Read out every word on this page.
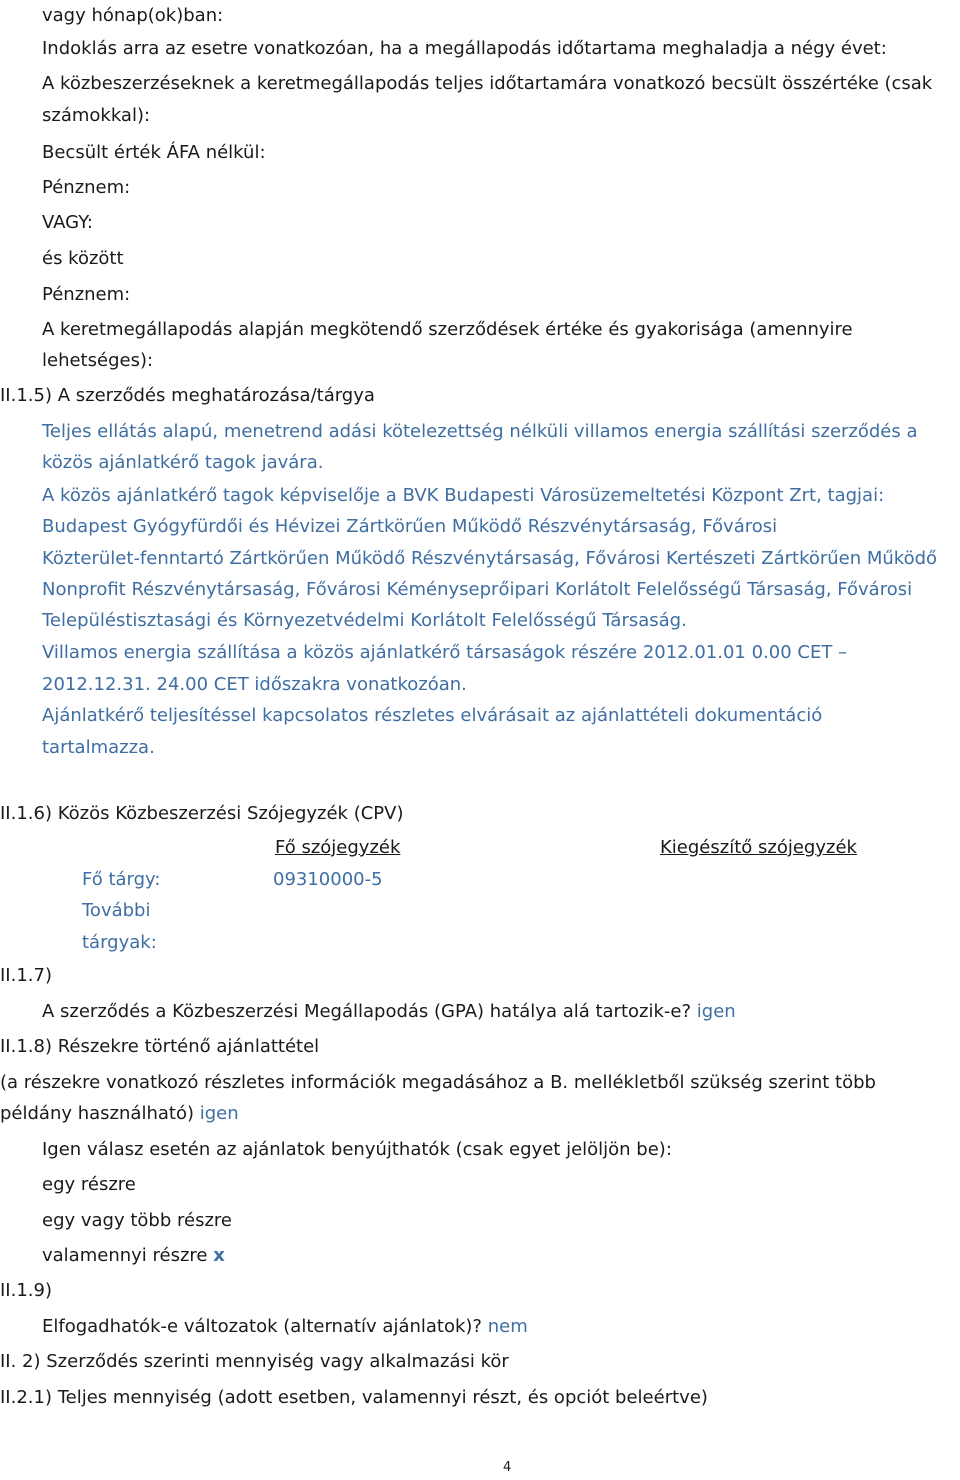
vagy hónap(ok)ban:
Indoklás arra az esetre vonatkozóan, ha a megállapodás időtartama meghaladja a négy évet:
A közbeszerzéseknek a keretmegállapodás teljes időtartamára vonatkozó becsült összértéke (csak
számokkal):
Becsült érték ÁFA nélkül:
Pénznem:
VAGY:
és között
Pénznem:
A keretmegállapodás alapján megkötendő szerződések értéke és gyakorisága (amennyire
lehetséges):
II.1.5) A szerződés meghatározása/tárgya
Teljes ellátás alapú, menetrend adási kötelezettség nélküli villamos energia szállítási szerződés a
közös ajánlatkérő tagok javára.
A közös ajánlatkérő tagok képviselője a BVK Budapesti Városüzemeltetési Központ Zrt, tagjai:
Budapest Gyógyfürdői és Hévizei Zártkörűen Működő Részvénytársaság, Fővárosi
Közterület-fenntartó Zártkörűen Működő Részvénytársaság, Fővárosi Kertészeti Zártkörűen Működő
Nonprofit Részvénytársaság, Fővárosi Kéményseprőipari Korlátolt Felelősségű Társaság, Fővárosi
Településtisztasági és Környezetvédelmi Korlátolt Felelősségű Társaság.
Villamos energia szállítása a közös ajánlatkérő társaságok részére 2012.01.01 0.00 CET –
2012.12.31. 24.00 CET időszakra vonatkozóan.
Ajánlatkérő teljesítéssel kapcsolatos részletes elvárásait az ajánlattételi dokumentáció
tartalmazza.
II.1.6) Közös Közbeszerzési Szójegyzék (CPV)
Fő szójegyzék	Kiegészítő szójegyzék
Fő tárgy:	09310000-5
További
tárgyak:
II.1.7)
A szerződés a Közbeszerzési Megállapodás (GPA) hatálya alá tartozik-e? igen
II.1.8) Részekre történő ajánlattétel
(a részekre vonatkozó részletes információk megadásához a B. mellékletből szükség szerint több
példány használható) igen
Igen válasz esetén az ajánlatok benyújthatók (csak egyet jelöljön be):
egy részre
egy vagy több részre
valamennyi részre x
II.1.9)
Elfogadhatók-e változatok (alternatív ajánlatok)? nem
II. 2) Szerződés szerinti mennyiség vagy alkalmazási kör
II.2.1) Teljes mennyiség (adott esetben, valamennyi részt, és opciót beleértve)
4
